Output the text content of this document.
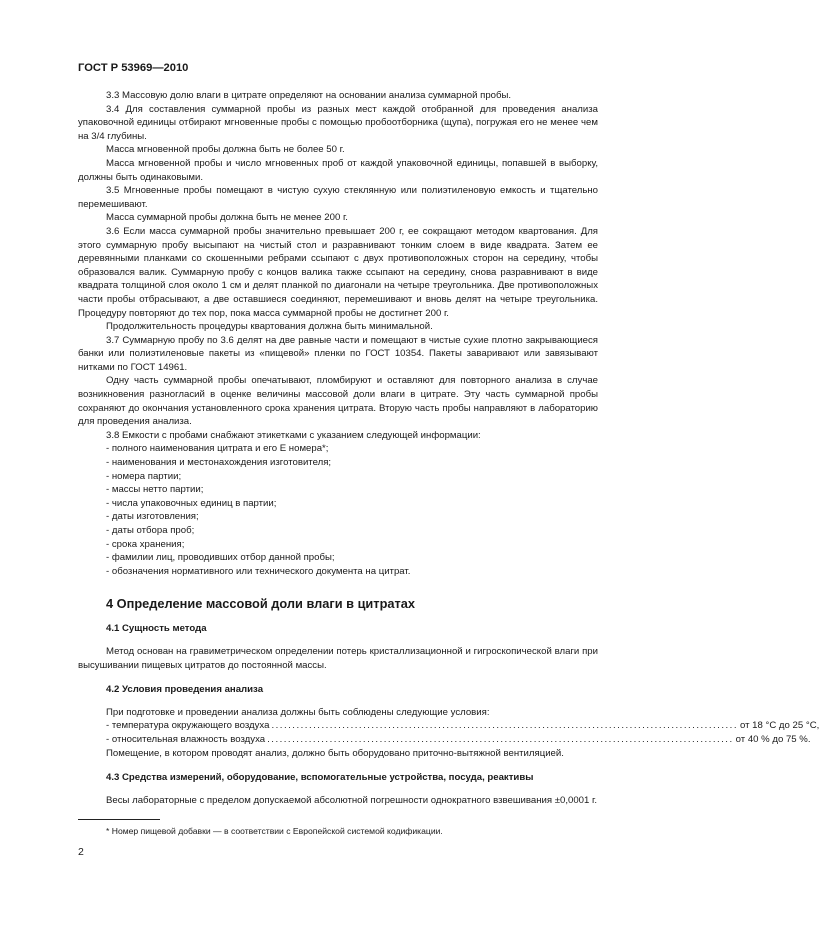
ГОСТ Р 53969—2010

3.3 Массовую долю влаги в цитрате определяют на основании анализа суммарной пробы.

3.4 Для составления суммарной пробы из разных мест каждой отобранной для проведения анализа упаковочной единицы отбирают мгновенные пробы с помощью пробоотборника (щупа), погружая его не менее чем на 3/4 глубины.

Масса мгновенной пробы должна быть не более 50 г.

Масса мгновенной пробы и число мгновенных проб от каждой упаковочной единицы, попавшей в выборку, должны быть одинаковыми.

3.5 Мгновенные пробы помещают в чистую сухую стеклянную или полиэтиленовую емкость и тщательно перемешивают.

Масса суммарной пробы должна быть не менее 200 г.

3.6 Если масса суммарной пробы значительно превышает 200 г, ее сокращают методом квартования. Для этого суммарную пробу высыпают на чистый стол и разравнивают тонким слоем в виде квадрата. Затем ее деревянными планками со скошенными ребрами ссыпают с двух противоположных сторон на середину, чтобы образовался валик. Суммарную пробу с концов валика также ссыпают на середину, снова разравнивают в виде квадрата толщиной слоя около 1 см и делят планкой по диагонали на четыре треугольника. Две противоположных части пробы отбрасывают, а две оставшиеся соединяют, перемешивают и вновь делят на четыре треугольника. Процедуру повторяют до тех пор, пока масса суммарной пробы не достигнет 200 г.

Продолжительность процедуры квартования должна быть минимальной.

3.7 Суммарную пробу по 3.6 делят на две равные части и помещают в чистые сухие плотно закрывающиеся банки или полиэтиленовые пакеты из «пищевой» пленки по ГОСТ 10354. Пакеты заваривают или завязывают нитками по ГОСТ 14961.

Одну часть суммарной пробы опечатывают, пломбируют и оставляют для повторного анализа в случае возникновения разногласий в оценке величины массовой доли влаги в цитрате. Эту часть суммарной пробы сохраняют до окончания установленного срока хранения цитрата. Вторую часть пробы направляют в лабораторию для проведения анализа.

3.8 Емкости с пробами снабжают этикетками с указанием следующей информации:

- полного наименования цитрата и его Е номера*;

- наименования и местонахождения изготовителя;

- номера партии;

- массы нетто партии;

- числа упаковочных единиц в партии;

- даты изготовления;

- даты отбора проб;

- срока хранения;

- фамилии лиц, проводивших отбор данной пробы;

- обозначения нормативного или технического документа на цитрат.

4 Определение массовой доли влаги в цитратах

4.1 Сущность метода

Метод основан на гравиметрическом определении потерь кристаллизационной и гигроскопической влаги при высушивании пищевых цитратов до постоянной массы.

4.2 Условия проведения анализа

При подготовке и проведении анализа должны быть соблюдены следующие условия:

- температура окружающего воздуха ................................................................................................................ от 18 °С до 25 °С,
- относительная влажность воздуха ................................................................................................................ от 40 % до 75 %.

Помещение, в котором проводят анализ, должно быть оборудовано приточно-вытяжной вентиляцией.

4.3 Средства измерений, оборудование, вспомогательные устройства, посуда, реактивы

Весы лабораторные с пределом допускаемой абсолютной погрешности однократного взвешивания ±0,0001 г.

* Номер пищевой добавки — в соответствии с Европейской системой кодификации.
2
